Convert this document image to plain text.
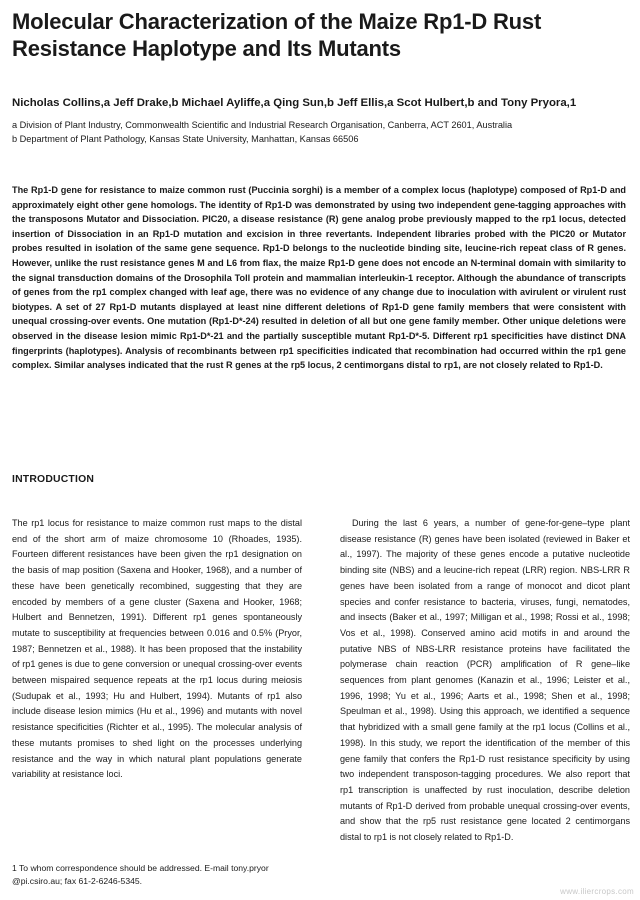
Molecular Characterization of the Maize Rp1-D Rust Resistance Haplotype and Its Mutants
Nicholas Collins,a Jeff Drake,b Michael Ayliffe,a Qing Sun,b Jeff Ellis,a Scot Hulbert,b and Tony Pryora,1
a Division of Plant Industry, Commonwealth Scientific and Industrial Research Organisation, Canberra, ACT 2601, Australia
b Department of Plant Pathology, Kansas State University, Manhattan, Kansas 66506

The Rp1-D gene for resistance to maize common rust (Puccinia sorghi) is a member of a complex locus (haplotype) composed of Rp1-D and approximately eight other gene homologs. The identity of Rp1-D was demonstrated by using two independent gene-tagging approaches with the transposons Mutator and Dissociation. PIC20, a disease resistance (R) gene analog probe previously mapped to the rp1 locus, detected insertion of Dissociation in an Rp1-D mutation and excision in three revertants. Independent libraries probed with the PIC20 or Mutator probes resulted in isolation of the same gene sequence. Rp1-D belongs to the nucleotide binding site, leucine-rich repeat class of R genes. However, unlike the rust resistance genes M and L6 from flax, the maize Rp1-D gene does not encode an N-terminal domain with similarity to the signal transduction domains of the Drosophila Toll protein and mammalian interleukin-1 receptor. Although the abundance of transcripts of genes from the rp1 complex changed with leaf age, there was no evidence of any change due to inoculation with avirulent or virulent rust biotypes. A set of 27 Rp1-D mutants displayed at least nine different deletions of Rp1-D gene family members that were consistent with unequal crossing-over events. One mutation (Rp1-D*-24) resulted in deletion of all but one gene family member. Other unique deletions were observed in the disease lesion mimic Rp1-D*-21 and the partially susceptible mutant Rp1-D*-5. Different rp1 specificities have distinct DNA fingerprints (haplotypes). Analysis of recombinants between rp1 specificities indicated that recombination had occurred within the rp1 gene complex. Similar analyses indicated that the rust R genes at the rp5 locus, 2 centimorgans distal to rp1, are not closely related to Rp1-D.

INTRODUCTION

The rp1 locus for resistance to maize common rust maps to the distal end of the short arm of maize chromosome 10 (Rhoades, 1935). Fourteen different resistances have been given the rp1 designation on the basis of map position (Saxena and Hooker, 1968), and a number of these have been genetically recombined, suggesting that they are encoded by members of a gene cluster (Saxena and Hooker, 1968; Hulbert and Bennetzen, 1991). Different rp1 genes spontaneously mutate to susceptibility at frequencies between 0.016 and 0.5% (Pryor, 1987; Bennetzen et al., 1988). It has been proposed that the instability of rp1 genes is due to gene conversion or unequal crossing-over events between mispaired sequence repeats at the rp1 locus during meiosis (Sudupak et al., 1993; Hu and Hulbert, 1994). Mutants of rp1 also include disease lesion mimics (Hu et al., 1996) and mutants with novel resistance specificities (Richter et al., 1995). The molecular analysis of these mutants promises to shed light on the processes underlying resistance and the way in which natural plant populations generate variability at resistance loci.

During the last 6 years, a number of gene-for-gene–type plant disease resistance (R) genes have been isolated (reviewed in Baker et al., 1997). The majority of these genes encode a putative nucleotide binding site (NBS) and a leucine-rich repeat (LRR) region. NBS-LRR R genes have been isolated from a range of monocot and dicot plant species and confer resistance to bacteria, viruses, fungi, nematodes, and insects (Baker et al., 1997; Milligan et al., 1998; Rossi et al., 1998; Vos et al., 1998). Conserved amino acid motifs in and around the putative NBS of NBS-LRR resistance proteins have facilitated the polymerase chain reaction (PCR) amplification of R gene–like sequences from plant genomes (Kanazin et al., 1996; Leister et al., 1996, 1998; Yu et al., 1996; Aarts et al., 1998; Shen et al., 1998; Speulman et al., 1998). Using this approach, we identified a sequence that hybridized with a small gene family at the rp1 locus (Collins et al., 1998). In this study, we report the identification of the member of this gene family that confers the Rp1-D rust resistance specificity by using two independent transposon-tagging procedures. We also report that rp1 transcription is unaffected by rust inoculation, describe deletion mutants of Rp1-D derived from probable unequal crossing-over events, and show that the rp5 rust resistance gene located 2 centimorgans distal to rp1 is not closely related to Rp1-D.

1 To whom correspondence should be addressed. E-mail tony.pryor @pi.csiro.au; fax 61-2-6246-5345.

www.iliercrops.com
